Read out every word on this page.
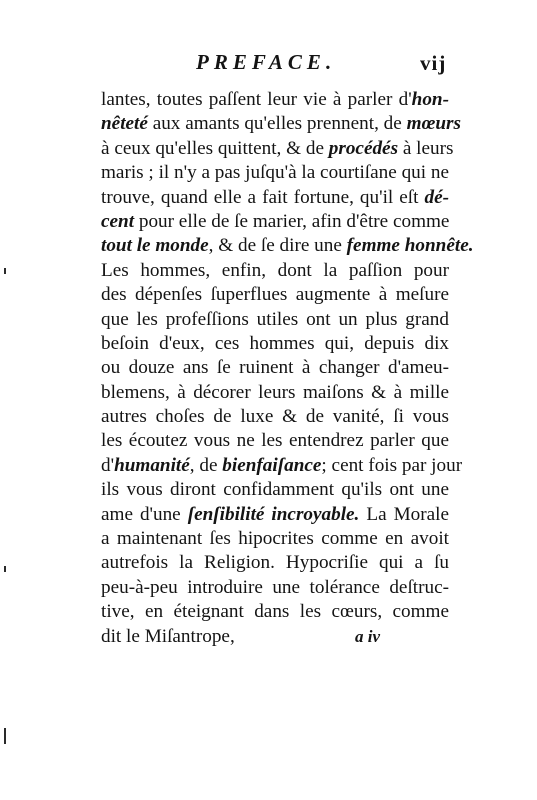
PREFACE.	vij
lantes, toutes paſſent leur vie à parler d'hon-
nêteté aux amants qu'elles prennent, de mœurs
à ceux qu'elles quittent, & de procédés à leurs
maris ; il n'y a pas juſqu'à la courtiſane qui ne
trouve, quand elle a fait fortune, qu'il eſt dé-
cent pour elle de ſe marier, afin d'être comme
tout le monde, & de ſe dire une femme honnête.
Les hommes, enfin, dont la paſſion pour
des dépenſes ſuperflues augmente à meſure
que les profeſſions utiles ont un plus grand
beſoin d'eux, ces hommes qui, depuis dix
ou douze ans ſe ruinent à changer d'ameu-
blemens, à décorer leurs maiſons & à mille
autres choſes de luxe & de vanité, ſi vous
les écoutez vous ne les entendrez parler que
d'humanité, de bienfaiſance; cent fois par jour
ils vous diront confidamment qu'ils ont une
ame d'une ſenſibilité incroyable. La Morale
a maintenant ſes hipocrites comme en avoit
autrefois la Religion. Hypocriſie qui a ſu
peu-à-peu introduire une tolérance deſtruc-
tive, en éteignant dans les cœurs, comme
dit le Miſantrope,	a iv
